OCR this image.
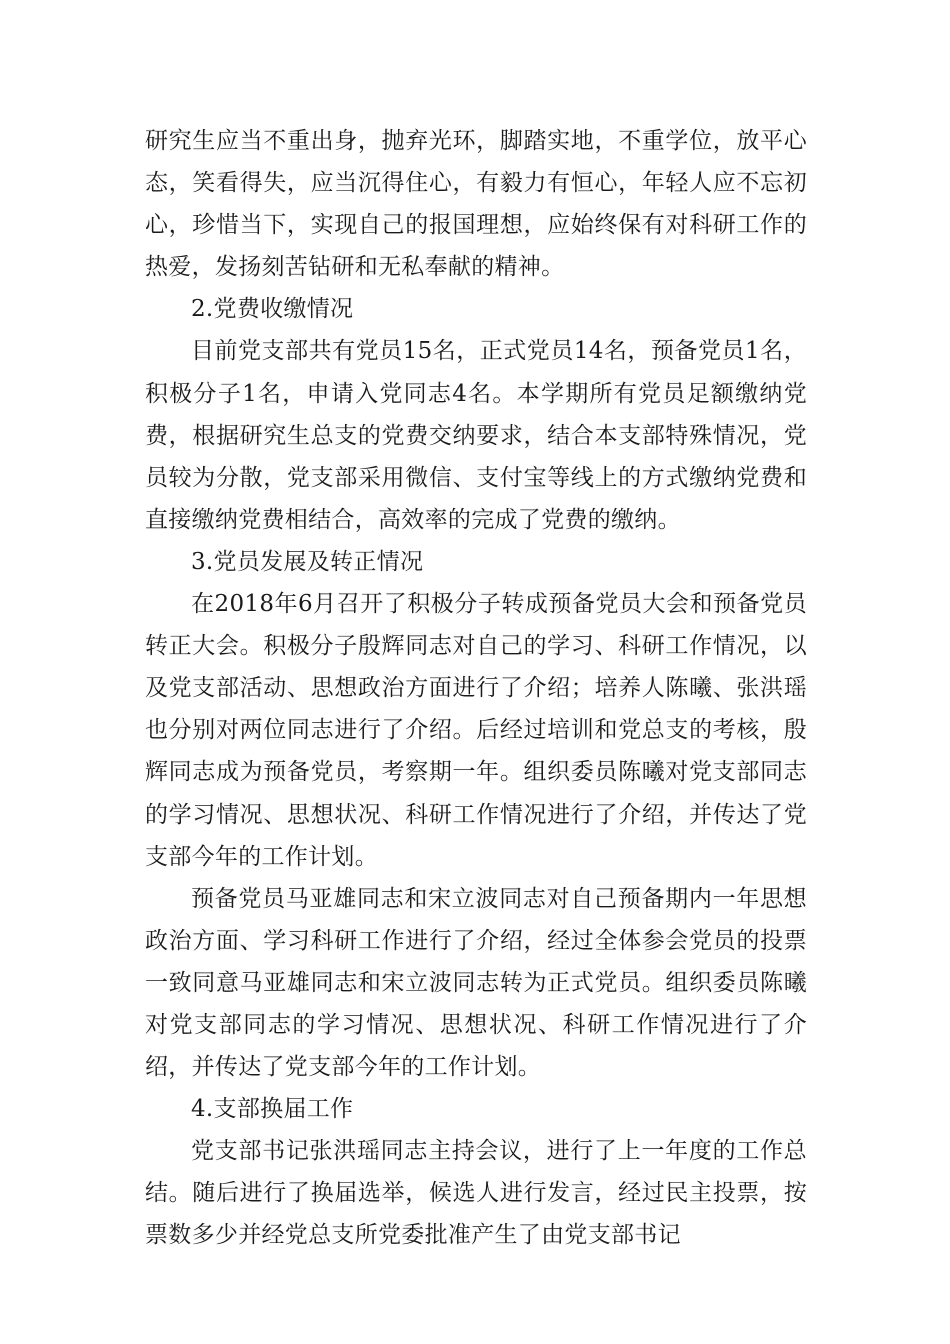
研究生应当不重出身，抛弃光环，脚踏实地，不重学位，放平心态，笑看得失，应当沉得住心，有毅力有恒心，年轻人应不忘初心，珍惜当下，实现自己的报国理想，应始终保有对科研工作的热爱，发扬刻苦钻研和无私奉献的精神。

2.党费收缴情况

目前党支部共有党员15名，正式党员14名，预备党员1名，积极分子1名，申请入党同志4名。本学期所有党员足额缴纳党费，根据研究生总支的党费交纳要求，结合本支部特殊情况，党员较为分散，党支部采用微信、支付宝等线上的方式缴纳党费和直接缴纳党费相结合，高效率的完成了党费的缴纳。

3.党员发展及转正情况

在2018年6月召开了积极分子转成预备党员大会和预备党员转正大会。积极分子殷辉同志对自己的学习、科研工作情况，以及党支部活动、思想政治方面进行了介绍；培养人陈曦、张洪瑶也分别对两位同志进行了介绍。后经过培训和党总支的考核，殷辉同志成为预备党员，考察期一年。组织委员陈曦对党支部同志的学习情况、思想状况、科研工作情况进行了介绍，并传达了党支部今年的工作计划。

预备党员马亚雄同志和宋立波同志对自己预备期内一年思想政治方面、学习科研工作进行了介绍，经过全体参会党员的投票一致同意马亚雄同志和宋立波同志转为正式党员。组织委员陈曦对党支部同志的学习情况、思想状况、科研工作情况进行了介绍，并传达了党支部今年的工作计划。

4.支部换届工作

党支部书记张洪瑶同志主持会议，进行了上一年度的工作总结。随后进行了换届选举，候选人进行发言，经过民主投票，按票数多少并经党总支所党委批准产生了由党支部书记
